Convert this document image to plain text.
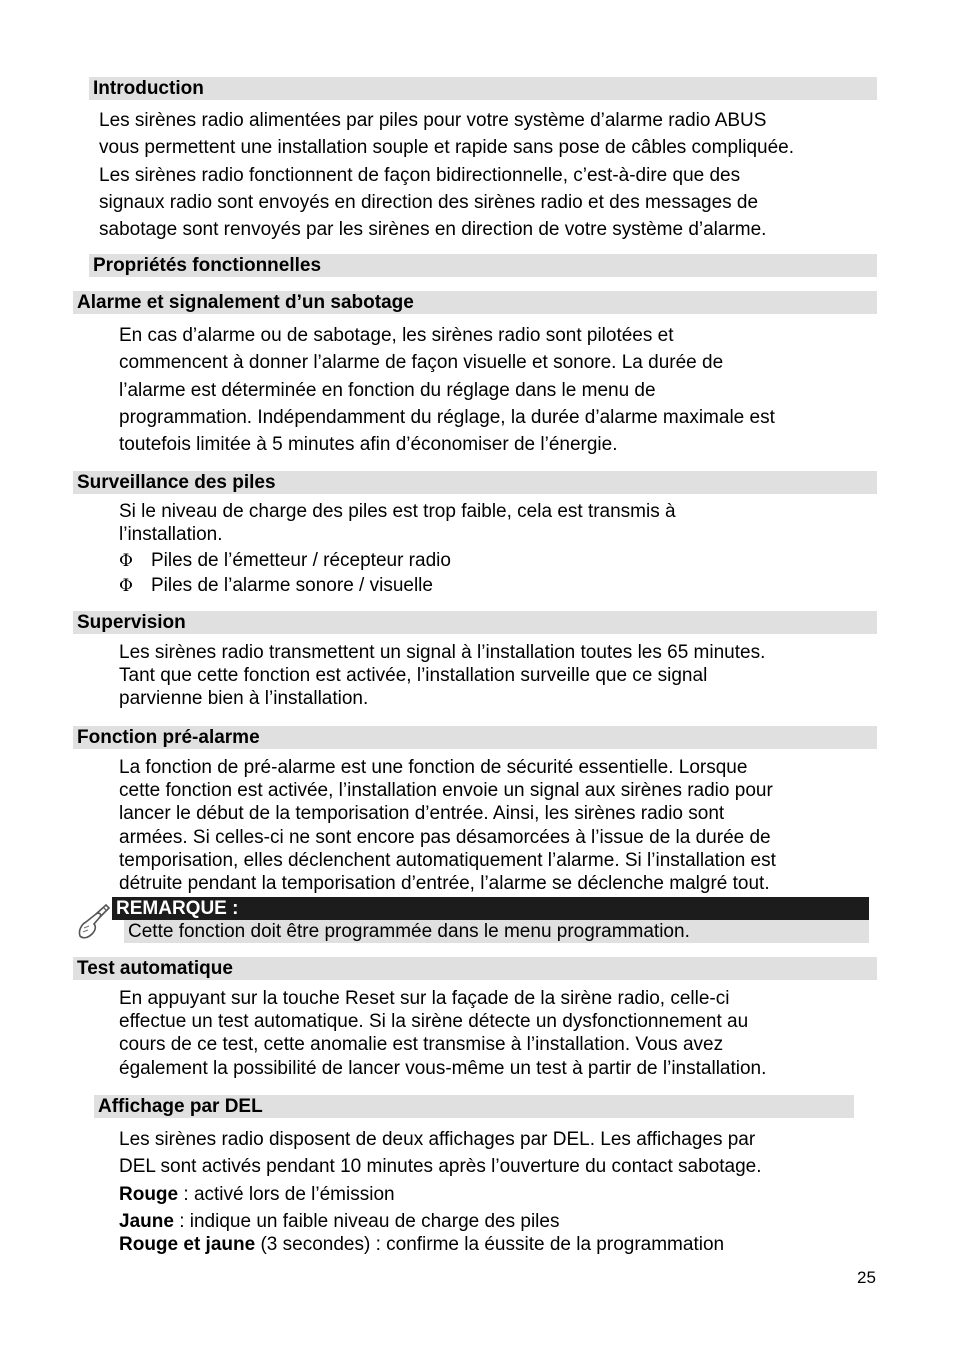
Introduction
Les sirènes radio alimentées par piles pour votre système d’alarme radio ABUS
vous permettent une installation souple et rapide sans pose de câbles compliquée.
Les sirènes radio fonctionnent de façon bidirectionnelle, c’est-à-dire que des
signaux radio sont envoyés en direction des sirènes radio et des messages de
sabotage sont renvoyés par les sirènes en direction de votre système d’alarme.
Propriétés fonctionnelles
Alarme et signalement d’un sabotage
En cas d’alarme ou de sabotage, les sirènes radio sont pilotées et
commencent à donner l’alarme de façon visuelle et sonore. La durée de
l’alarme est déterminée en fonction du réglage dans le menu de
programmation. Indépendamment du réglage, la durée d’alarme maximale est
toutefois limitée à 5 minutes afin d’économiser de l’énergie.
Surveillance des piles
Si le niveau de charge des piles est trop faible, cela est transmis à
l’installation.
Φ Piles de l’émetteur / récepteur radio
Φ Piles de l’alarme sonore / visuelle
Supervision
Les sirènes radio transmettent un signal à l’installation toutes les 65 minutes.
Tant que cette fonction est activée, l’installation surveille que ce signal
parvienne bien à l’installation.
Fonction pré-alarme
La fonction de pré-alarme est une fonction de sécurité essentielle. Lorsque
cette fonction est activée, l’installation envoie un signal aux sirènes radio pour
lancer le début de la temporisation d’entrée. Ainsi, les sirènes radio sont
armées. Si celles-ci ne sont encore pas désamorcées à l’issue de la durée de
temporisation, elles déclenchent automatiquement l’alarme. Si l’installation est
détruite pendant la temporisation d’entrée, l’alarme se déclenche malgré tout.
REMARQUE :
Cette fonction doit être programmée dans le menu programmation.
Test automatique
En appuyant sur la touche Reset sur la façade de la sirène radio, celle-ci
effectue un test automatique. Si la sirène détecte un dysfonctionnement au
cours de ce test, cette anomalie est transmise à l’installation. Vous avez
également la possibilité de lancer vous-même un test à partir de l’installation.
Affichage par DEL
Les sirènes radio disposent de deux affichages par DEL. Les affichages par
DEL sont activés pendant 10 minutes après l’ouverture du contact sabotage.
Rouge : activé lors de l’émission
Jaune : indique un faible niveau de charge des piles
Rouge et jaune (3 secondes) : confirme la éussite de la programmation
25
